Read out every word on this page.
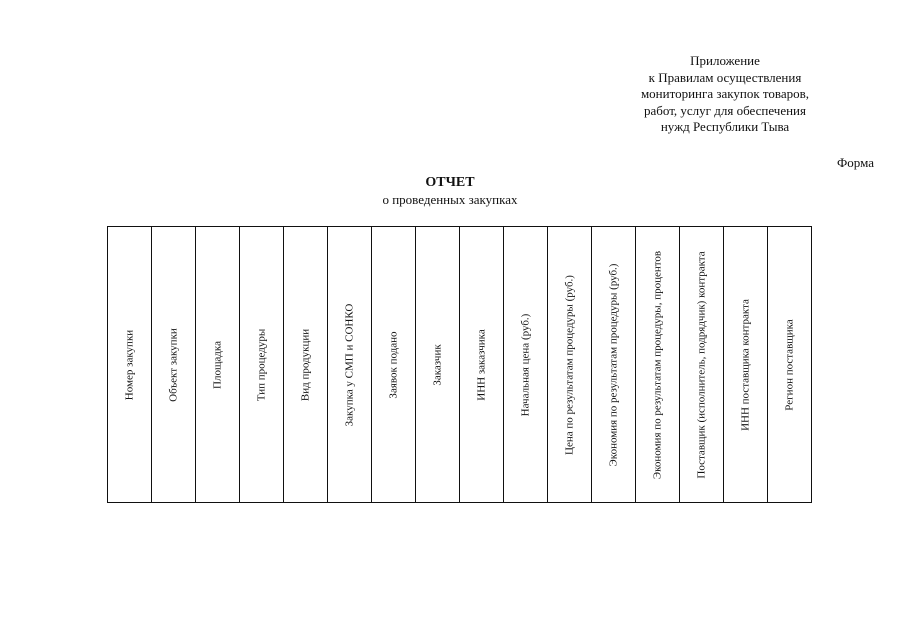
Приложение
к Правилам осуществления
мониторинга закупок товаров,
работ, услуг для обеспечения
нужд Республики Тыва
Форма
ОТЧЕТ
о проведенных закупках
Номер закупки	Объект закупки	Площадка	Тип процедуры	Вид продукции	Закупка у СМП и СОНКО	Заявок подано	Заказчик	ИНН заказчика	Начальная цена (руб.)	Цена по результатам процедуры (руб.)	Экономия по результатам процедуры (руб.)	Экономия по результатам процедуры, процентов	Поставщик (исполнитель, подрядчик) контракта	ИНН поставщика контракта	Регион поставщика
